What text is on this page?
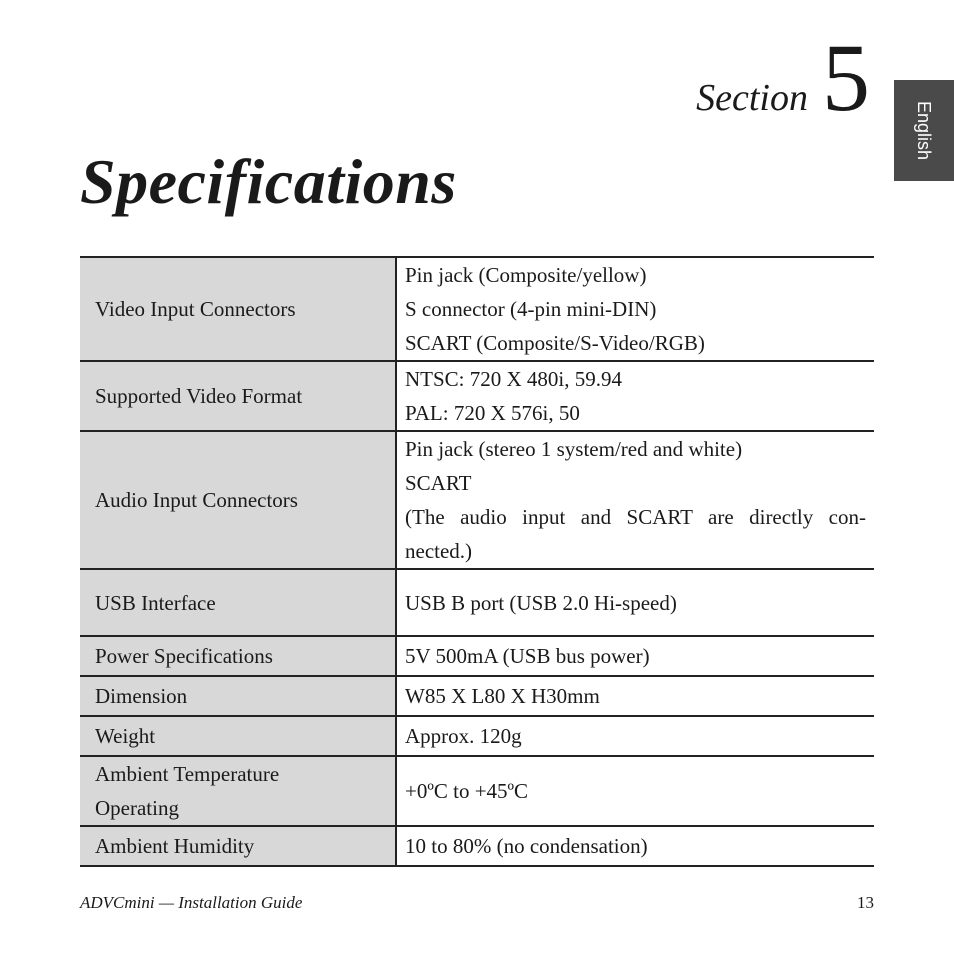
Section 5 English
Specifications
Video Input Connectors	Pin jack (Composite/yellow)
S connector (4-pin mini-DIN)
SCART (Composite/S-Video/RGB)

Supported Video Format	NTSC: 720 X 480i, 59.94
PAL: 720 X 576i, 50

Audio Input Connectors	Pin jack (stereo 1 system/red and white)
SCART
(The audio input and SCART are directly con-
nected.)

USB Interface	USB B port (USB 2.0 Hi-speed)

Power Specifications	5V 500mA (USB bus power)

Dimension	W85 X L80 X H30mm

Weight	Approx. 120g

Ambient Temperature
Operating	+0ºC to +45ºC

Ambient Humidity	10 to 80% (no condensation)
ADVCmini — Installation Guide	13
